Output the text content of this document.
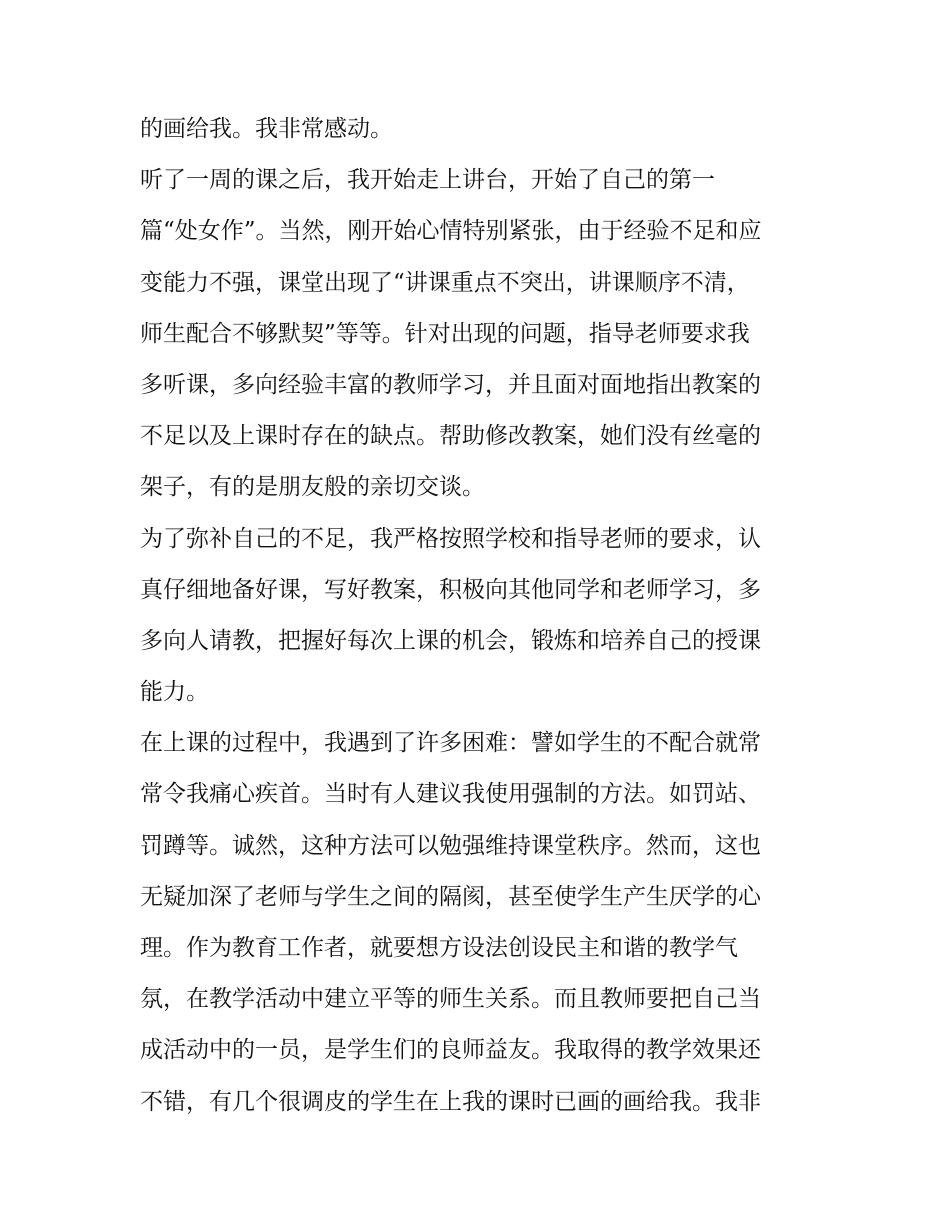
的画给我。我非常感动。
听了一周的课之后，我开始走上讲台，开始了自己的第一
篇“处女作”。当然，刚开始心情特别紧张，由于经验不足和应
变能力不强，课堂出现了“讲课重点不突出，讲课顺序不清，
师生配合不够默契”等等。针对出现的问题，指导老师要求我
多听课，多向经验丰富的教师学习，并且面对面地指出教案的
不足以及上课时存在的缺点。帮助修改教案，她们没有丝毫的
架子，有的是朋友般的亲切交谈。
为了弥补自己的不足，我严格按照学校和指导老师的要求，认
真仔细地备好课，写好教案，积极向其他同学和老师学习，多
多向人请教，把握好每次上课的机会，锻炼和培养自己的授课
能力。
在上课的过程中，我遇到了许多困难：譬如学生的不配合就常
常令我痛心疾首。当时有人建议我使用强制的方法。如罚站、
罚蹲等。诚然，这种方法可以勉强维持课堂秩序。然而，这也
无疑加深了老师与学生之间的隔阂，甚至使学生产生厌学的心
理。作为教育工作者，就要想方设法创设民主和谐的教学气
氛，在教学活动中建立平等的师生关系。而且教师要把自己当
成活动中的一员，是学生们的良师益友。我取得的教学效果还
不错，有几个很调皮的学生在上我的课时已画的画给我。我非
